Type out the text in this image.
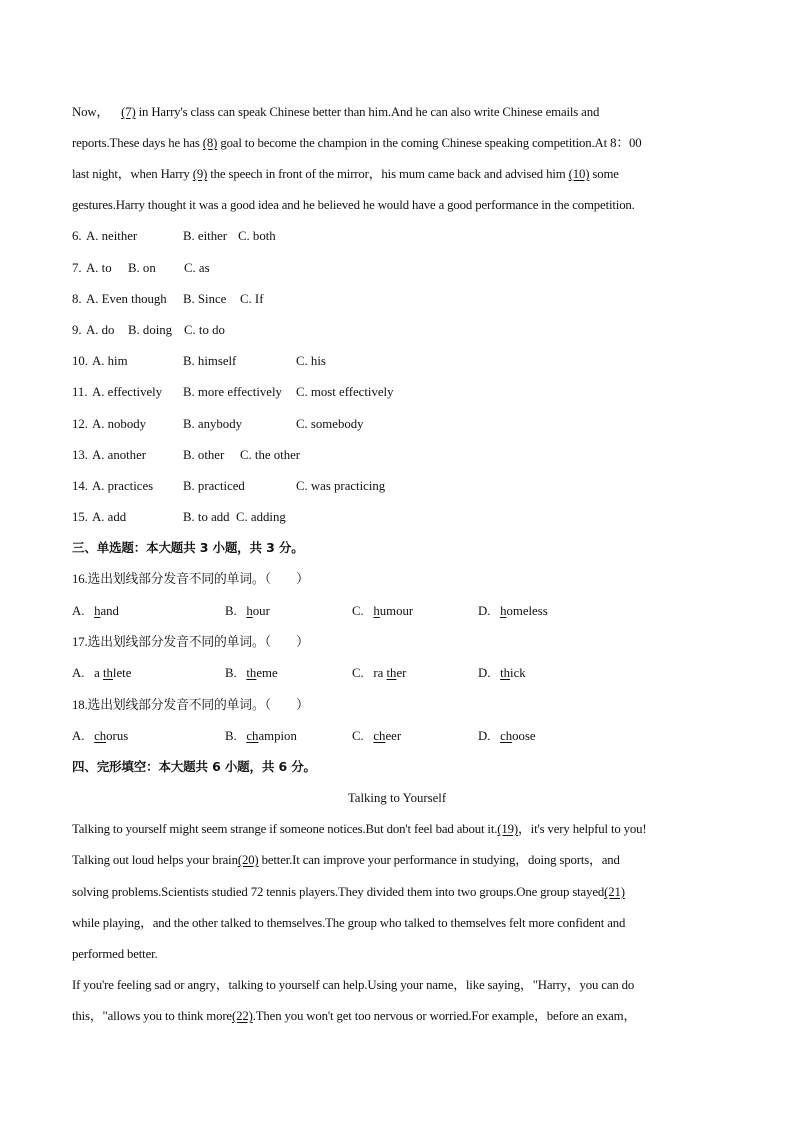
Now， (7) in Harry's class can speak Chinese better than him.And he can also write Chinese emails and
reports.These days he has (8) goal to become the champion in the coming Chinese speaking competition.At 8：00
last night，when Harry (9) the speech in front of the mirror，his mum came back and advised him (10) some
gestures.Harry thought it was a good idea and he believed he would have a good performance in the competition.
6. A. neither	B. either C. both
7. A. to B. on C. as
8. A. Even though B. Since C. If
9. A. do B. doing C. to do
10. A. him	B. himself	C. his
11. A. effectively B. more effectively C. most effectively
12. A. nobody	B. anybody	C. somebody
13. A. another	B. other C. the other
14. A. practices B. practiced	C. was practicing
15. A. add	B. to add C. adding
三、单选题：本大题共 3 小题，共 3 分。
16.选出划线部分发音不同的单词。（　　）
A. hand	B. hour	C. humour	D. homeless
17.选出划线部分发音不同的单词。（　　）
A. a thlete	B. theme	C. ra ther	D. thick
18.选出划线部分发音不同的单词。（　　）
A. chorus	B. champion	C. cheer	D. choose
四、完形填空：本大题共 6 小题，共 6 分。
Talking to Yourself
Talking to yourself might seem strange if someone notices.But don't feel bad about it.(19)，it's very helpful to you!
Talking out loud helps your brain(20) better.It can improve your performance in studying，doing sports，and
solving problems.Scientists studied 72 tennis players.They divided them into two groups.One group stayed(21)
while playing，and the other talked to themselves.The group who talked to themselves felt more confident and
performed better.
If you're feeling sad or angry，talking to yourself can help.Using your name，like saying，"Harry，you can do
this，"allows you to think more(22).Then you won't get too nervous or worried.For example，before an exam，
